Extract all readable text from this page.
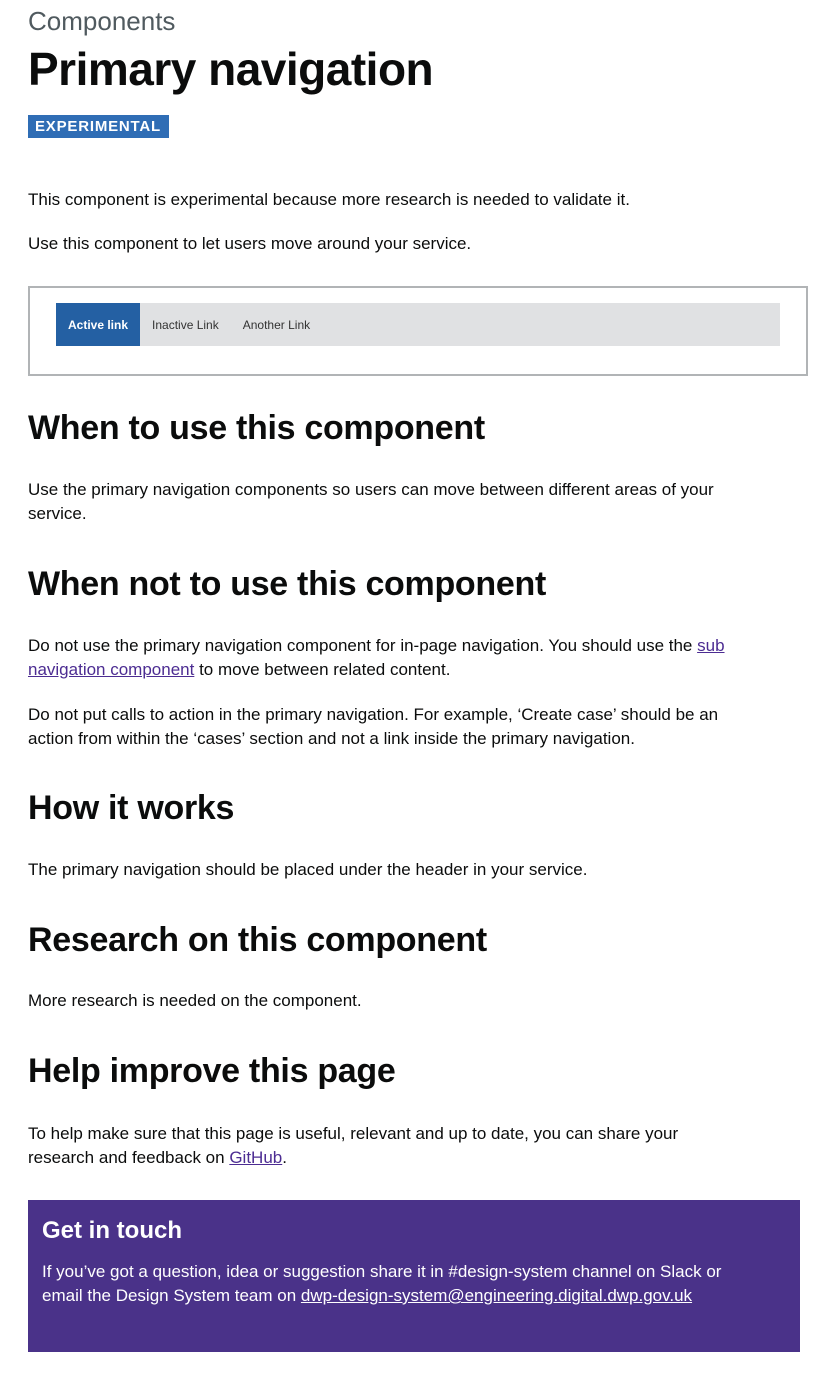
Components
Primary navigation
EXPERIMENTAL

This component is experimental because more research is needed to validate it.

Use this component to let users move around your service.

Active link	Inactive Link	Another Link
When to use this component

Use the primary navigation components so users can move between different areas of your service.

When not to use this component

Do not use the primary navigation component for in-page navigation. You should use the sub navigation component to move between related content.

Do not put calls to action in the primary navigation. For example, ‘Create case’ should be an action from within the ‘cases’ section and not a link inside the primary navigation.

How it works

The primary navigation should be placed under the header in your service.

Research on this component

More research is needed on the component.

Help improve this page

To help make sure that this page is useful, relevant and up to date, you can share your research and feedback on GitHub.

Get in touch

If you’ve got a question, idea or suggestion share it in #design-system channel on Slack or email the Design System team on dwp-design-system@engineering.digital.dwp.gov.uk
